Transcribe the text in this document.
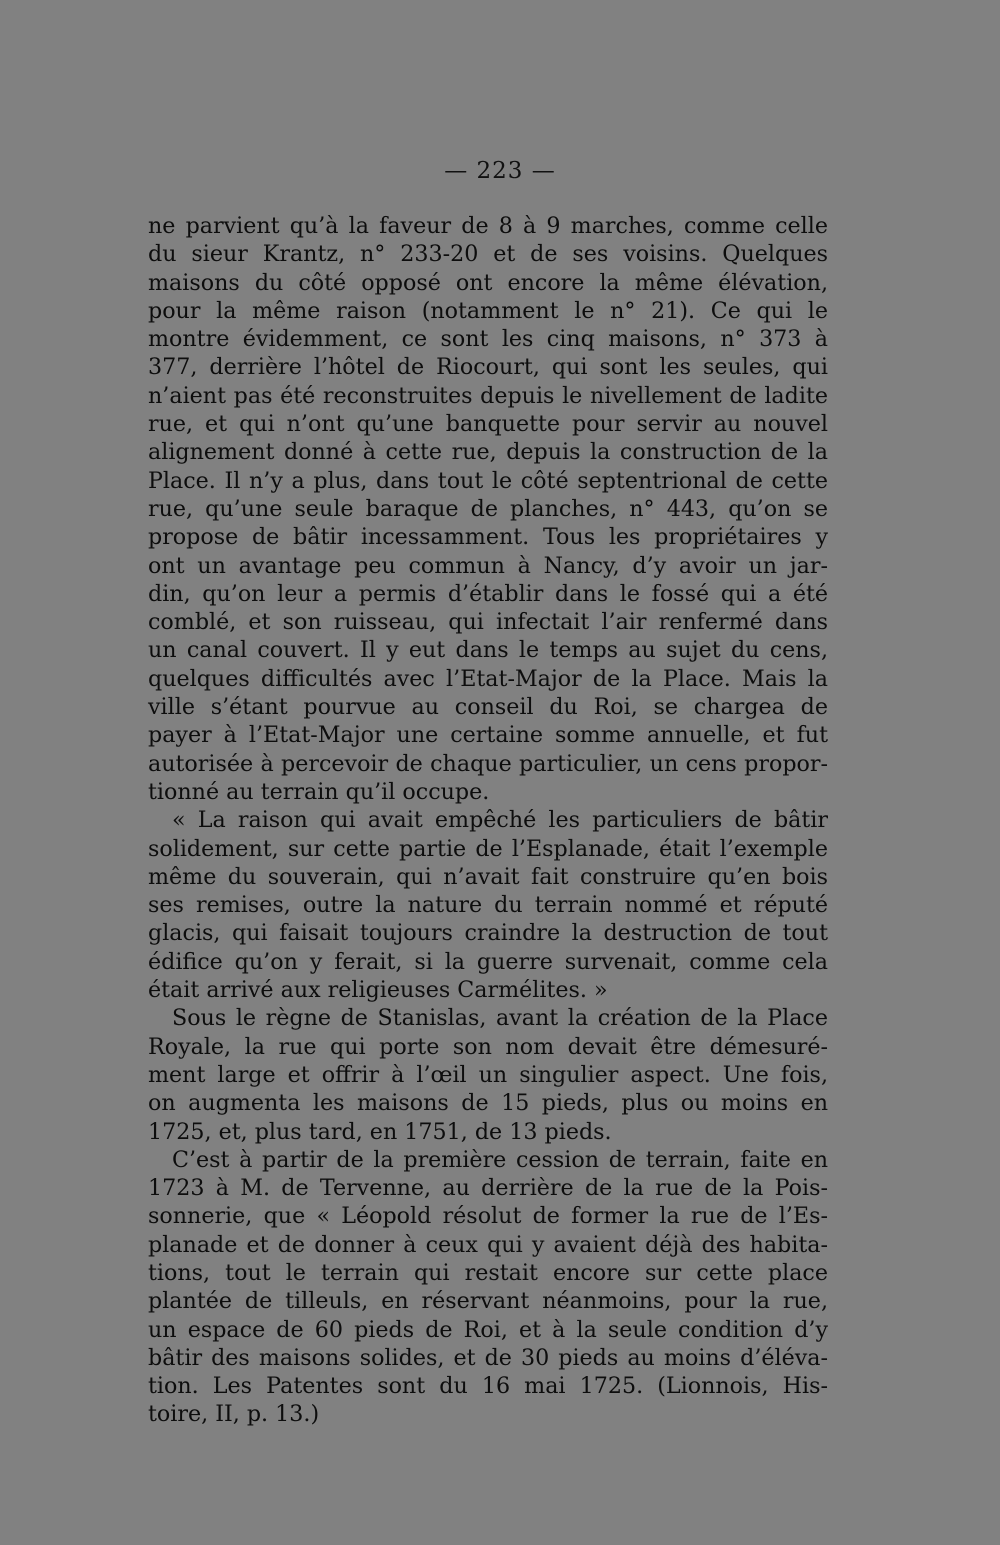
— 223 —
ne parvient qu’à la faveur de 8 à 9 marches, comme celle
du sieur Krantz, n° 233-20 et de ses voisins. Quelques
maisons du côté opposé ont encore la même élévation,
pour la même raison (notamment le n° 21). Ce qui le
montre évidemment, ce sont les cinq maisons, n° 373 à
377, derrière l’hôtel de Riocourt, qui sont les seules, qui
n’aient pas été reconstruites depuis le nivellement de ladite
rue, et qui n’ont qu’une banquette pour servir au nouvel
alignement donné à cette rue, depuis la construction de la
Place. Il n’y a plus, dans tout le côté septentrional de cette
rue, qu’une seule baraque de planches, n° 443, qu’on se
propose de bâtir incessamment. Tous les propriétaires y
ont un avantage peu commun à Nancy, d’y avoir un jar-
din, qu’on leur a permis d’établir dans le fossé qui a été
comblé, et son ruisseau, qui infectait l’air renfermé dans
un canal couvert. Il y eut dans le temps au sujet du cens,
quelques difficultés avec l’Etat-Major de la Place. Mais la
ville s’étant pourvue au conseil du Roi, se chargea de
payer à l’Etat-Major une certaine somme annuelle, et fut
autorisée à percevoir de chaque particulier, un cens propor-
tionné au terrain qu’il occupe.
« La raison qui avait empêché les particuliers de bâtir
solidement, sur cette partie de l’Esplanade, était l’exemple
même du souverain, qui n’avait fait construire qu’en bois
ses remises, outre la nature du terrain nommé et réputé
glacis, qui faisait toujours craindre la destruction de tout
édifice qu’on y ferait, si la guerre survenait, comme cela
était arrivé aux religieuses Carmélites. »
Sous le règne de Stanislas, avant la création de la Place
Royale, la rue qui porte son nom devait être démesuré-
ment large et offrir à l’œil un singulier aspect. Une fois,
on augmenta les maisons de 15 pieds, plus ou moins en
1725, et, plus tard, en 1751, de 13 pieds.
C’est à partir de la première cession de terrain, faite en
1723 à M. de Tervenne, au derrière de la rue de la Pois-
sonnerie, que « Léopold résolut de former la rue de l’Es-
planade et de donner à ceux qui y avaient déjà des habita-
tions, tout le terrain qui restait encore sur cette place
plantée de tilleuls, en réservant néanmoins, pour la rue,
un espace de 60 pieds de Roi, et à la seule condition d’y
bâtir des maisons solides, et de 30 pieds au moins d’éléva-
tion. Les Patentes sont du 16 mai 1725. (Lionnois, His-
toire, II, p. 13.)
